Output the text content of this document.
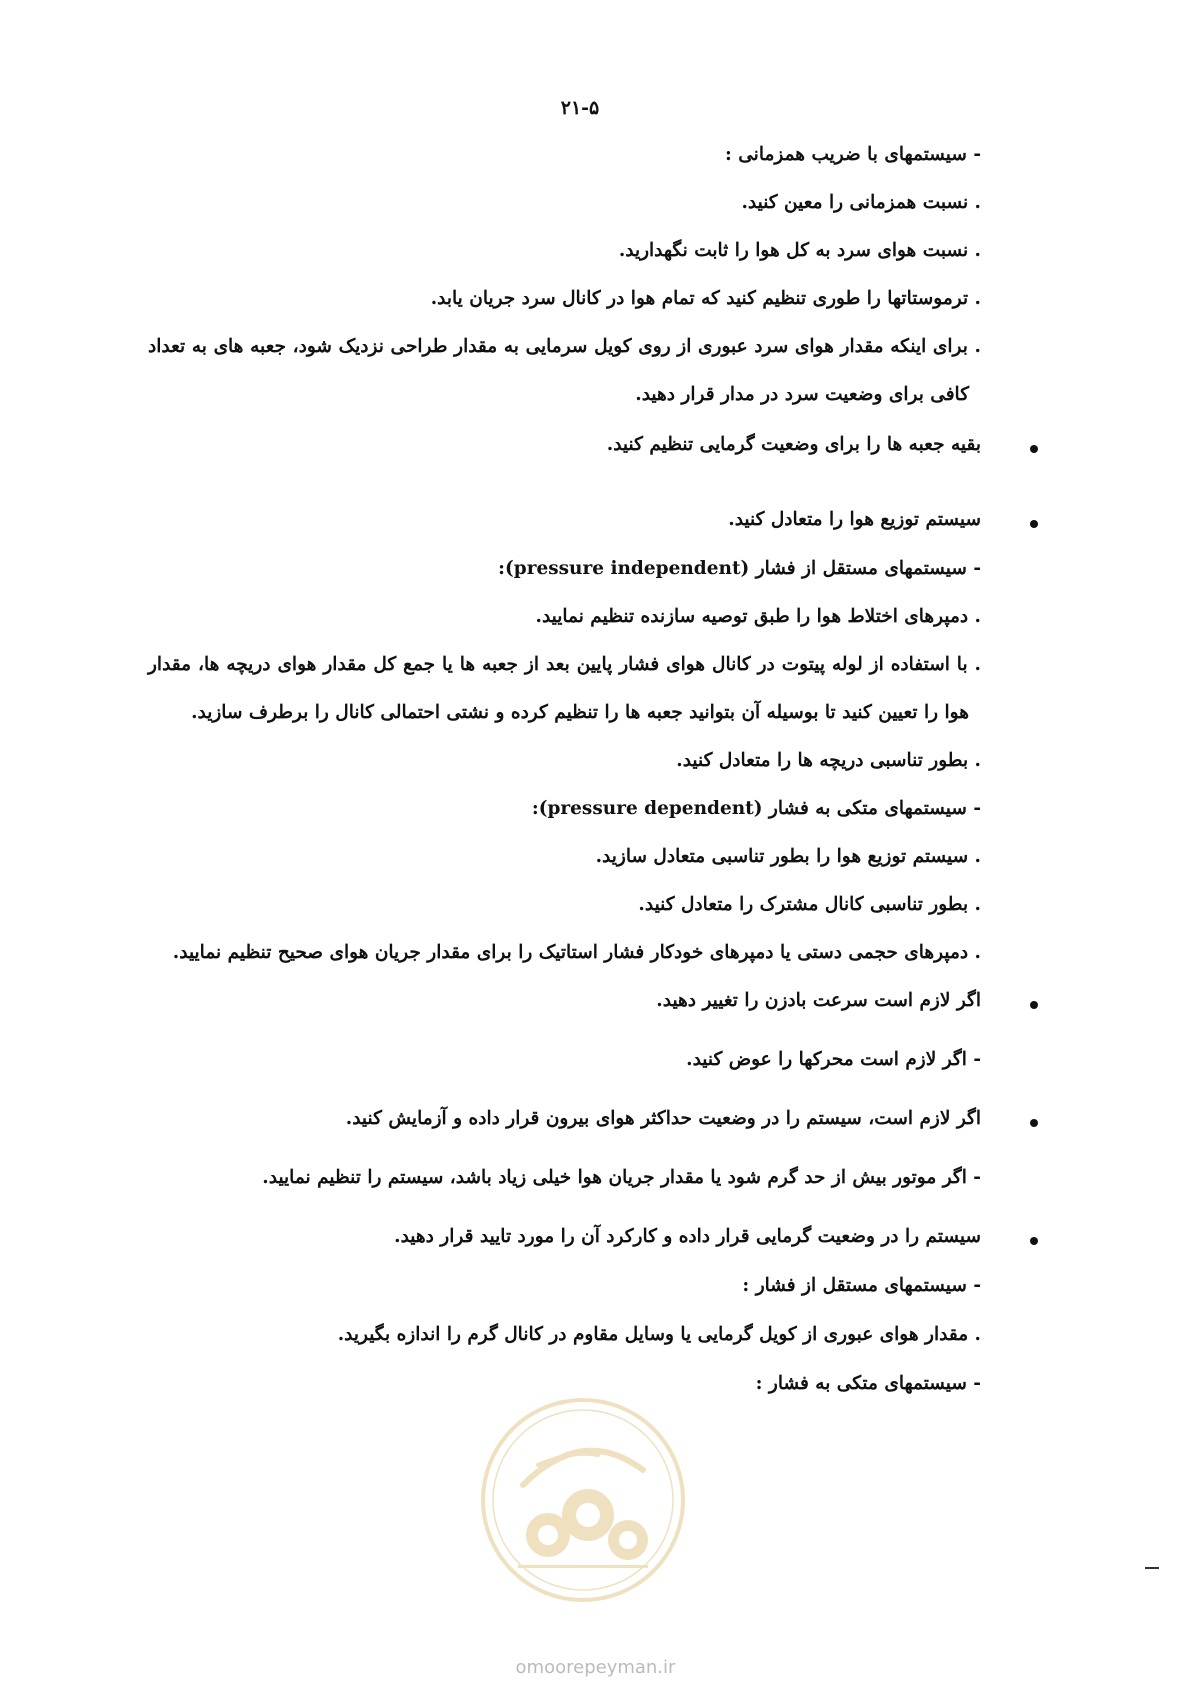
۲۱-۵
- سیستمهای با ضریب همزمانی :
. نسبت همزمانی را معین کنید.
. نسبت هوای سرد به کل هوا را ثابت نگهدارید.
. ترموستاتها را طوری تنظیم کنید که تمام هوا در کانال سرد جریان یابد.
. برای اینکه مقدار هوای سرد عبوری از روی کویل سرمایی به مقدار طراحی نزدیک شود، جعبه های به تعداد
کافی برای وضعیت سرد در مدار قرار دهید.
بقیه جعبه ها را برای وضعیت گرمایی تنظیم کنید.
سیستم توزیع هوا را متعادل کنید.
- سیستمهای مستقل از فشار (pressure independent):
. دمپرهای اختلاط هوا را طبق توصیه سازنده تنظیم نمایید.
. با استفاده از لوله پیتوت در کانال هوای فشار پایین بعد از جعبه ها یا جمع کل مقدار هوای دریچه ها، مقدار
هوا را تعیین کنید تا بوسیله آن بتوانید جعبه ها را تنظیم کرده و نشتی احتمالی کانال را برطرف سازید.
. بطور تناسبی دریچه ها را متعادل کنید.
- سیستمهای متکی به فشار (pressure dependent):
. سیستم توزیع هوا را بطور تناسبی متعادل سازید.
. بطور تناسبی کانال مشترک را متعادل کنید.
. دمپرهای حجمی دستی یا دمپرهای خودکار فشار استاتیک را برای مقدار جریان هوای صحیح تنظیم نمایید.
اگر لازم است سرعت بادزن را تغییر دهید.
- اگر لازم است محرکها را عوض کنید.
اگر لازم است، سیستم را در وضعیت حداکثر هوای بیرون قرار داده و آزمایش کنید.
- اگر موتور بیش از حد گرم شود یا مقدار جریان هوا خیلی زیاد باشد، سیستم را تنظیم نمایید.
سیستم را در وضعیت گرمایی قرار داده و کارکرد آن را مورد تایید قرار دهید.
- سیستمهای مستقل از فشار :
. مقدار هوای عبوری از کویل گرمایی یا وسایل مقاوم در کانال گرم را اندازه بگیرید.
- سیستمهای متکی به فشار :
omoorepeyman.ir
